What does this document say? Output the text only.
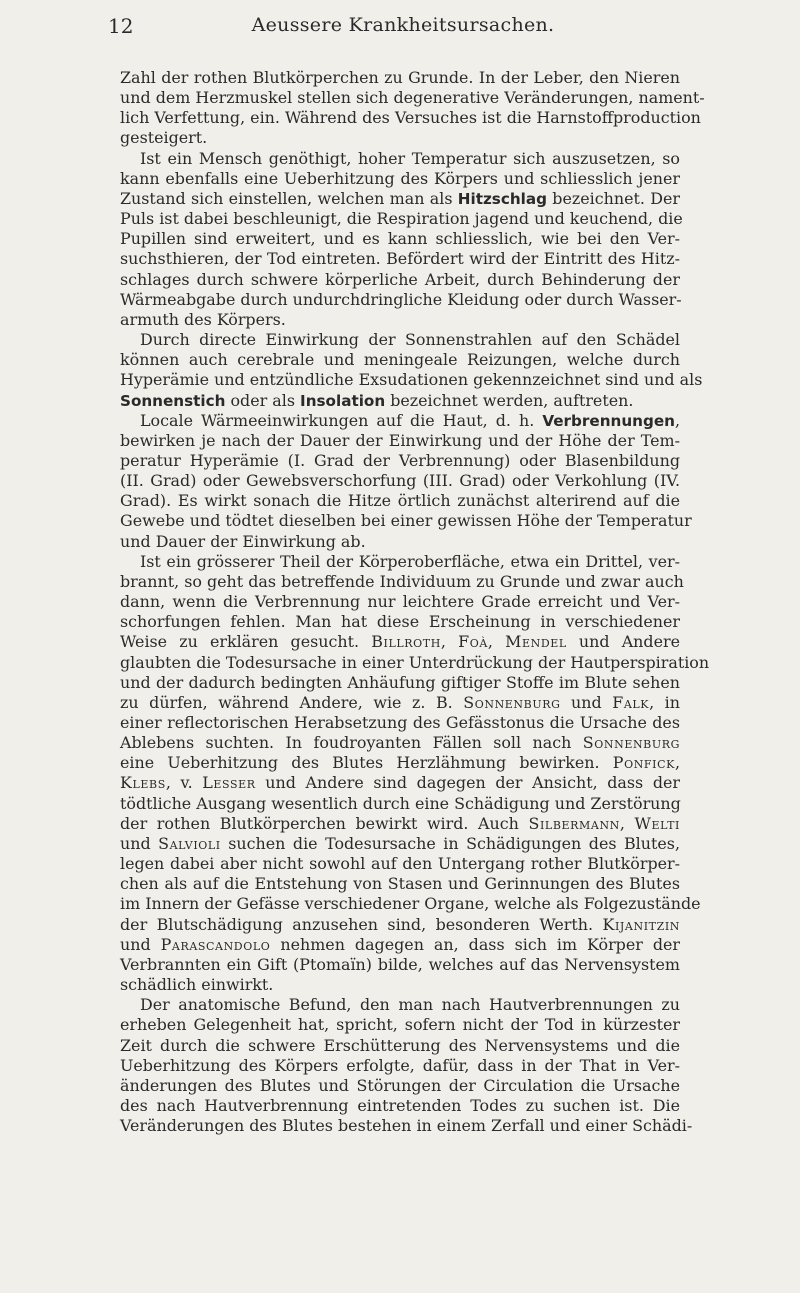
12	Aeussere Krankheitsursachen.

Zahl der rothen Blutkörperchen zu Grunde. In der Leber, den Nieren
und dem Herzmuskel stellen sich degenerative Veränderungen, nament-
lich Verfettung, ein. Während des Versuches ist die Harnstoffproduction
gesteigert.

Ist ein Mensch genöthigt, hoher Temperatur sich auszusetzen, so
kann ebenfalls eine Ueberhitzung des Körpers und schliesslich jener
Zustand sich einstellen, welchen man als Hitzschlag bezeichnet. Der
Puls ist dabei beschleunigt, die Respiration jagend und keuchend, die
Pupillen sind erweitert, und es kann schliesslich, wie bei den Ver-
suchsthieren, der Tod eintreten. Befördert wird der Eintritt des Hitz-
schlages durch schwere körperliche Arbeit, durch Behinderung der
Wärmeabgabe durch undurchdringliche Kleidung oder durch Wasser-
armuth des Körpers.

Durch directe Einwirkung der Sonnenstrahlen auf den Schädel
können auch cerebrale und meningeale Reizungen, welche durch
Hyperämie und entzündliche Exsudationen gekennzeichnet sind und als
Sonnenstich oder als Insolation bezeichnet werden, auftreten.

Locale Wärmeeinwirkungen auf die Haut, d. h. Verbrennungen,
bewirken je nach der Dauer der Einwirkung und der Höhe der Tem-
peratur Hyperämie (I. Grad der Verbrennung) oder Blasenbildung
(II. Grad) oder Gewebsverschorfung (III. Grad) oder Verkohlung (IV.
Grad). Es wirkt sonach die Hitze örtlich zunächst alterirend auf die
Gewebe und tödtet dieselben bei einer gewissen Höhe der Temperatur
und Dauer der Einwirkung ab.

Ist ein grösserer Theil der Körperoberfläche, etwa ein Drittel, ver-
brannt, so geht das betreffende Individuum zu Grunde und zwar auch
dann, wenn die Verbrennung nur leichtere Grade erreicht und Ver-
schorfungen fehlen. Man hat diese Erscheinung in verschiedener
Weise zu erklären gesucht. Billroth, Foà, Mendel und Andere
glaubten die Todesursache in einer Unterdrückung der Hautperspiration
und der dadurch bedingten Anhäufung giftiger Stoffe im Blute sehen
zu dürfen, während Andere, wie z. B. Sonnenburg und Falk, in
einer reflectorischen Herabsetzung des Gefässtonus die Ursache des
Ablebens suchten. In foudroyanten Fällen soll nach Sonnenburg
eine Ueberhitzung des Blutes Herzlähmung bewirken. Ponfick,
Klebs, v. Lesser und Andere sind dagegen der Ansicht, dass der
tödtliche Ausgang wesentlich durch eine Schädigung und Zerstörung
der rothen Blutkörperchen bewirkt wird. Auch Silbermann, Welti
und Salvioli suchen die Todesursache in Schädigungen des Blutes,
legen dabei aber nicht sowohl auf den Untergang rother Blutkörper-
chen als auf die Entstehung von Stasen und Gerinnungen des Blutes
im Innern der Gefässe verschiedener Organe, welche als Folgezustände
der Blutschädigung anzusehen sind, besonderen Werth. Kijanitzin
und Parascandolo nehmen dagegen an, dass sich im Körper der
Verbrannten ein Gift (Ptomaïn) bilde, welches auf das Nervensystem
schädlich einwirkt.

Der anatomische Befund, den man nach Hautverbrennungen zu
erheben Gelegenheit hat, spricht, sofern nicht der Tod in kürzester
Zeit durch die schwere Erschütterung des Nervensystems und die
Ueberhitzung des Körpers erfolgte, dafür, dass in der That in Ver-
änderungen des Blutes und Störungen der Circulation die Ursache
des nach Hautverbrennung eintretenden Todes zu suchen ist. Die
Veränderungen des Blutes bestehen in einem Zerfall und einer Schädi-
